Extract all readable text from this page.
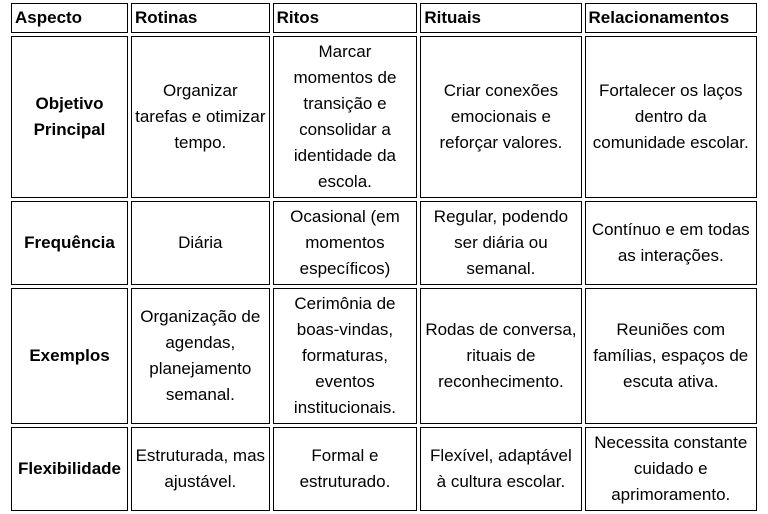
Aspecto	Rotinas	Ritos	Rituais	Relacionamentos
Objetivo Principal	Organizar tarefas e otimizar tempo.	Marcar momentos de transição e consolidar a identidade da escola.	Criar conexões emocionais e reforçar valores.	Fortalecer os laços dentro da comunidade escolar.
Frequência	Diária	Ocasional (em momentos específicos)	Regular, podendo ser diária ou semanal.	Contínuo e em todas as interações.
Exemplos	Organização de agendas, planejamento semanal.	Cerimônia de boas-vindas, formaturas, eventos institucionais.	Rodas de conversa, rituais de reconhecimento.	Reuniões com famílias, espaços de escuta ativa.
Flexibilidade	Estruturada, mas ajustável.	Formal e estruturado.	Flexível, adaptável à cultura escolar.	Necessita constante cuidado e aprimoramento.
